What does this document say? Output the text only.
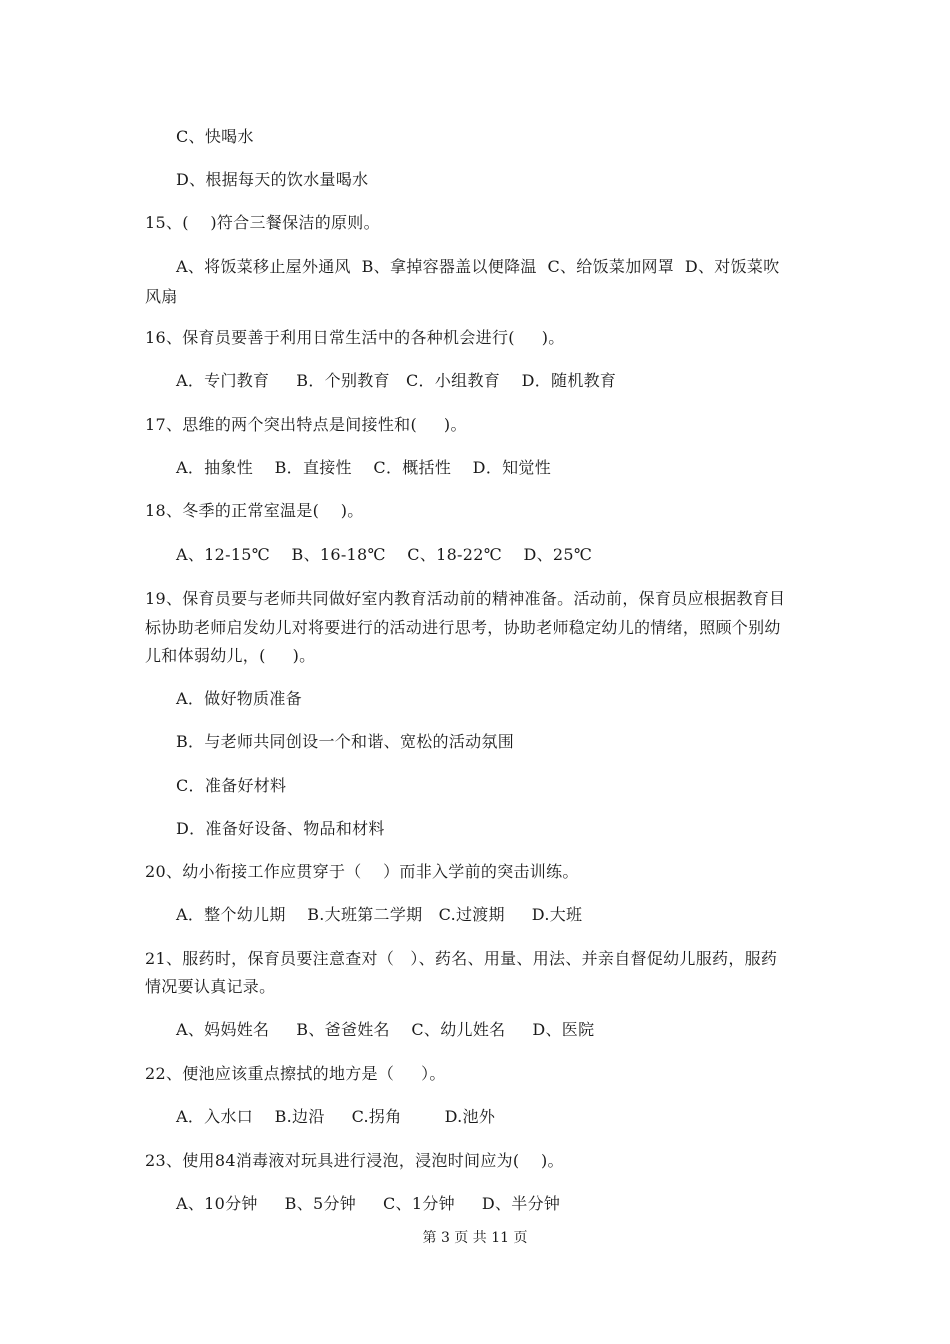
C、快喝水
D、根据每天的饮水量喝水
15、(    )符合三餐保洁的原则。
A、将饭菜移止屋外通风  B、拿掉容器盖以便降温  C、给饭菜加网罩  D、对饭菜吹
风扇
16、保育员要善于利用日常生活中的各种机会进行(     )。
A．专门教育     B．个别教育   C．小组教育    D．随机教育
17、思维的两个突出特点是间接性和(     )。
A．抽象性    B．直接性    C．概括性    D．知觉性
18、冬季的正常室温是(    )。
A、12-15℃    B、16-18℃    C、18-22℃    D、25℃
19、保育员要与老师共同做好室内教育活动前的精神准备。活动前，保育员应根据教育目
标协助老师启发幼儿对将要进行的活动进行思考，协助老师稳定幼儿的情绪，照顾个别幼
儿和体弱幼儿，(     )。
A．做好物质准备
B．与老师共同创设一个和谐、宽松的活动氛围
C．准备好材料
D．准备好设备、物品和材料
20、幼小衔接工作应贯穿于（    ）而非入学前的突击训练。
A．整个幼儿期    B.大班第二学期   C.过渡期     D.大班
21、服药时，保育员要注意查对（   ）、药名、用量、用法、并亲自督促幼儿服药，服药
情况要认真记录。
A、妈妈姓名     B、爸爸姓名    C、幼儿姓名     D、医院
22、便池应该重点擦拭的地方是（     ）。
A．入水口    B.边沿     C.拐角        D.池外
23、使用84消毒液对玩具进行浸泡，浸泡时间应为(    )。
A、10分钟     B、5分钟     C、1分钟     D、半分钟
第 3 页 共 11 页
